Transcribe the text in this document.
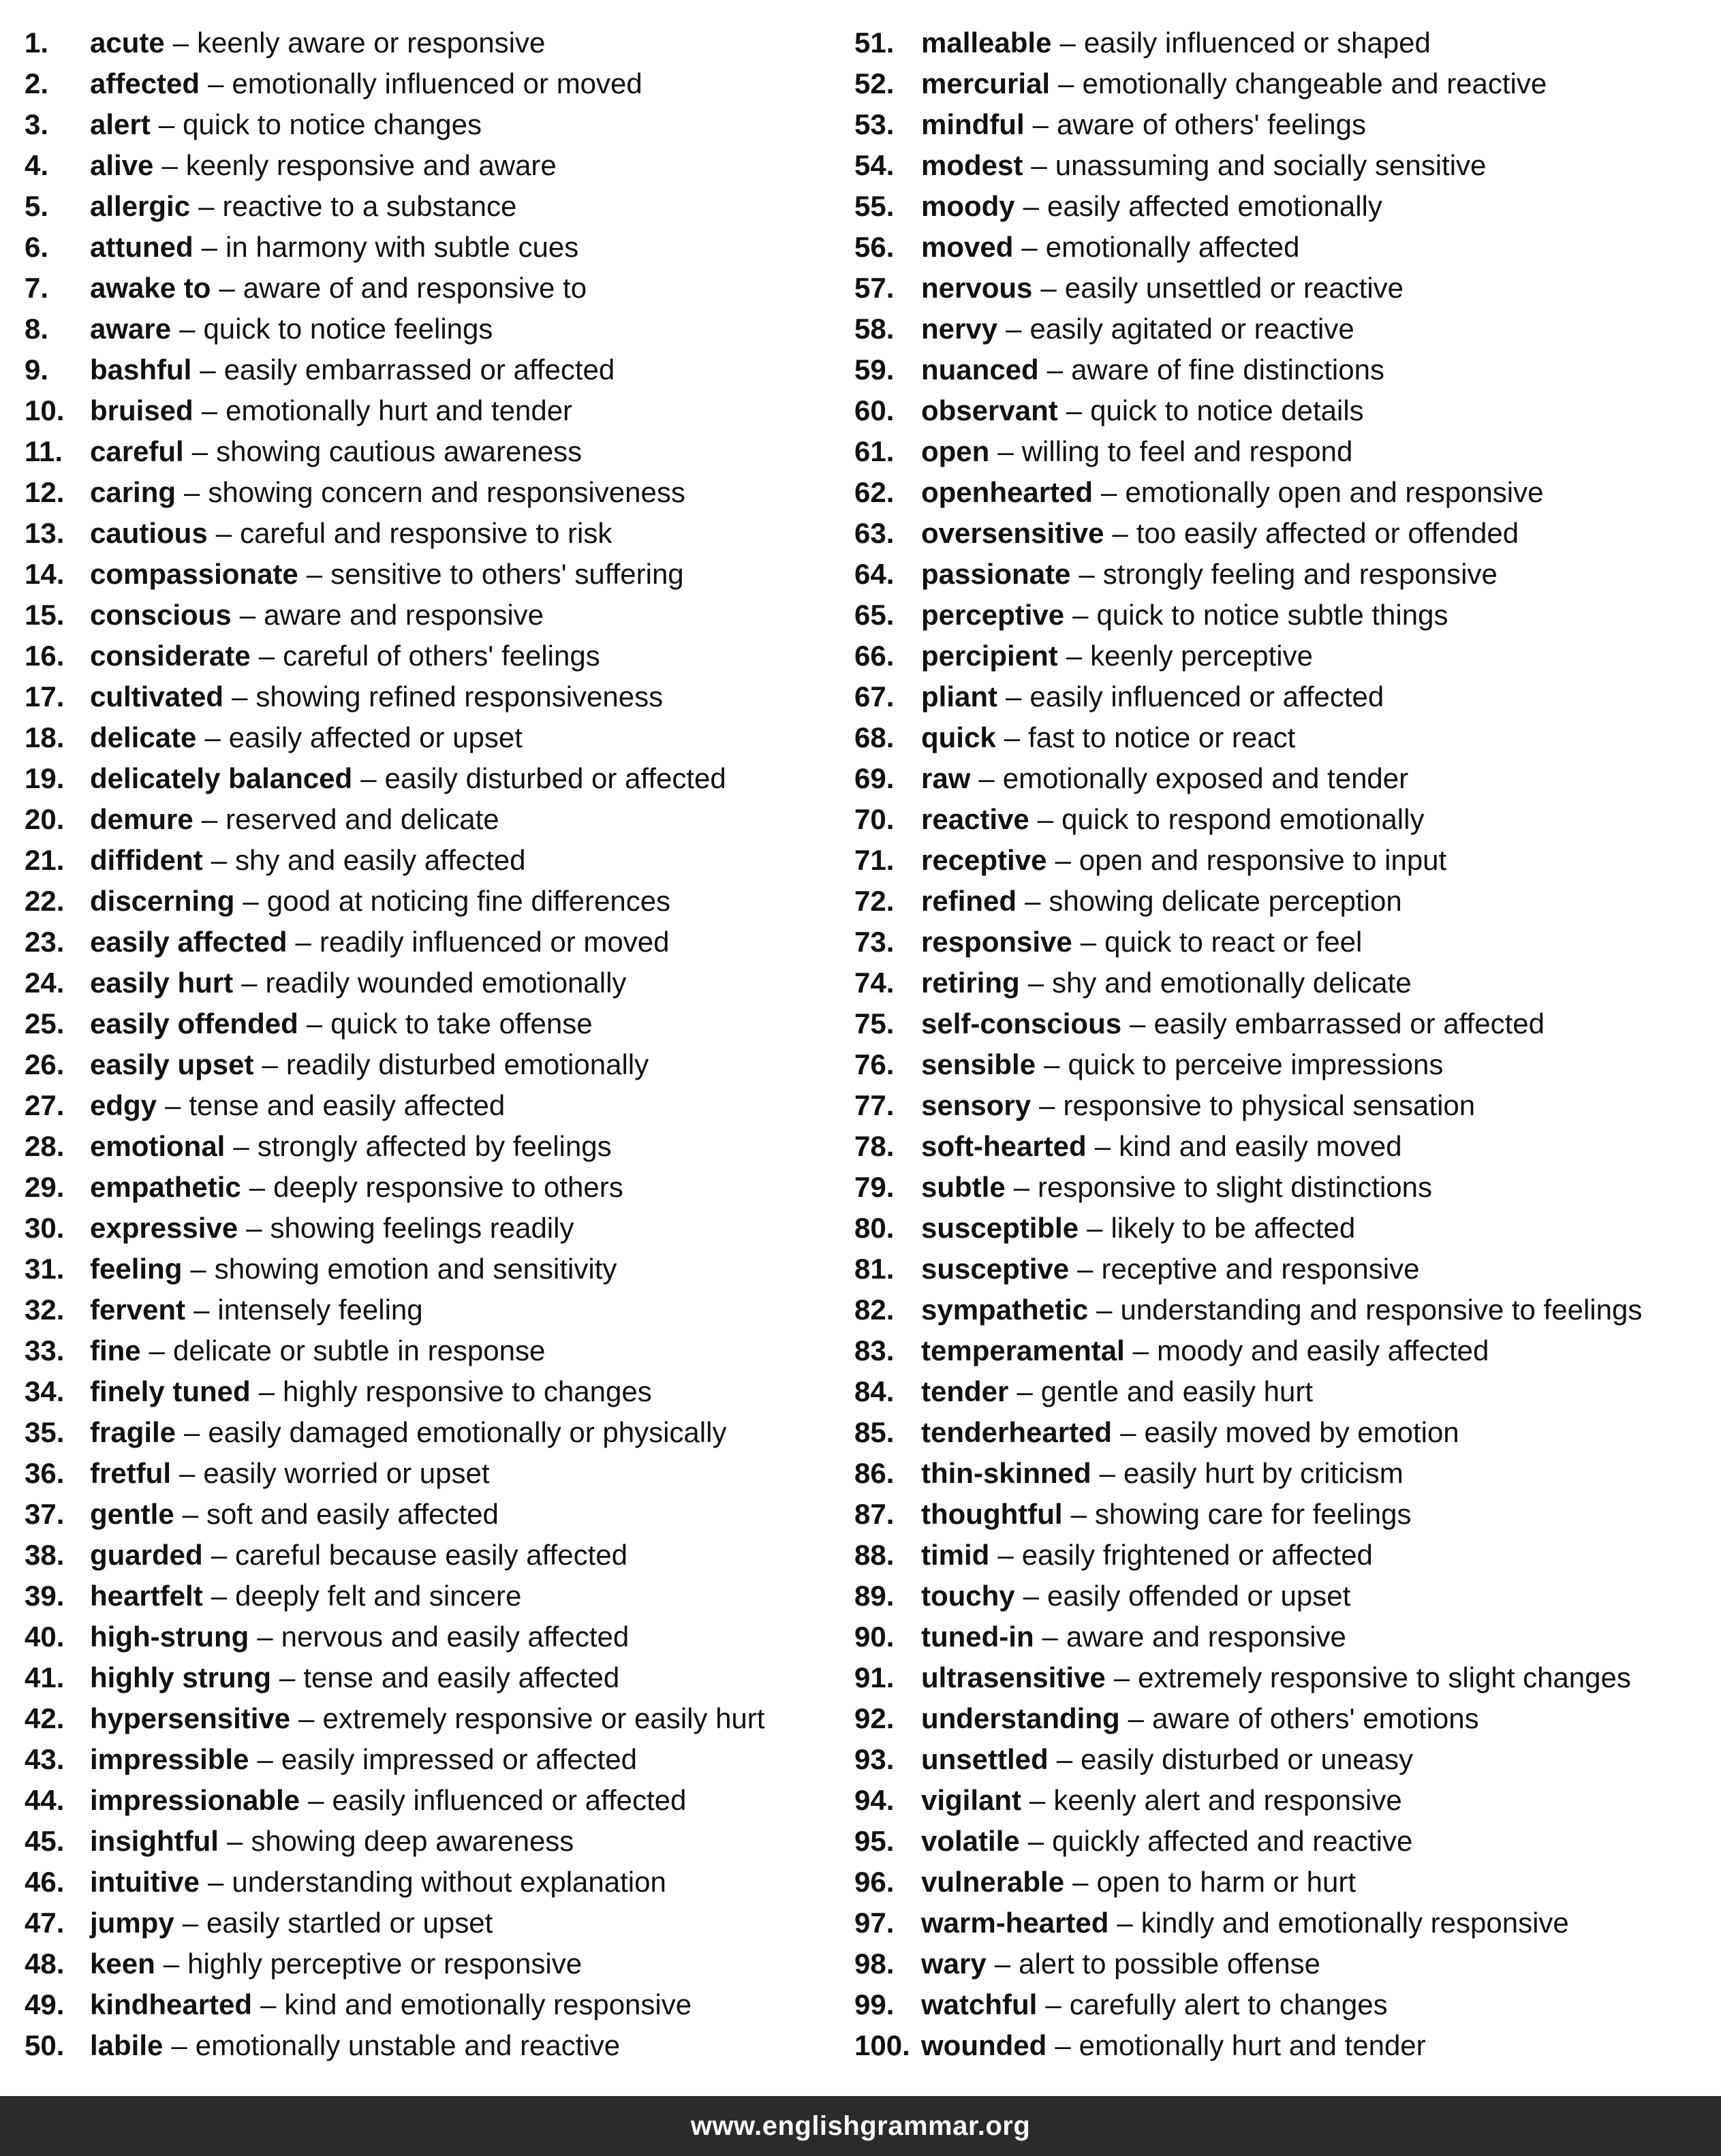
1.	acute – keenly aware or responsive
2.	affected – emotionally influenced or moved
3.	alert – quick to notice changes
4.	alive – keenly responsive and aware
5.	allergic – reactive to a substance
6.	attuned – in harmony with subtle cues
7.	awake to – aware of and responsive to
8.	aware – quick to notice feelings
9.	bashful – easily embarrassed or affected
10. bruised – emotionally hurt and tender
11. careful – showing cautious awareness
12. caring – showing concern and responsiveness
13. cautious – careful and responsive to risk
14. compassionate – sensitive to others' suffering
15. conscious – aware and responsive
16. considerate – careful of others' feelings
17. cultivated – showing refined responsiveness
18. delicate – easily affected or upset
19. delicately balanced – easily disturbed or affected
20. demure – reserved and delicate
21. diffident – shy and easily affected
22. discerning – good at noticing fine differences
23. easily affected – readily influenced or moved
24. easily hurt – readily wounded emotionally
25. easily offended – quick to take offense
26. easily upset – readily disturbed emotionally
27. edgy – tense and easily affected
28. emotional – strongly affected by feelings
29. empathetic – deeply responsive to others
30. expressive – showing feelings readily
31. feeling – showing emotion and sensitivity
32. fervent – intensely feeling
33. fine – delicate or subtle in response
34. finely tuned – highly responsive to changes
35. fragile – easily damaged emotionally or physically
36. fretful – easily worried or upset
37. gentle – soft and easily affected
38. guarded – careful because easily affected
39. heartfelt – deeply felt and sincere
40. high-strung – nervous and easily affected
41. highly strung – tense and easily affected
42. hypersensitive – extremely responsive or easily hurt
43. impressible – easily impressed or affected
44. impressionable – easily influenced or affected
45. insightful – showing deep awareness
46. intuitive – understanding without explanation
47. jumpy – easily startled or upset
48. keen – highly perceptive or responsive
49. kindhearted – kind and emotionally responsive
50. labile – emotionally unstable and reactive
51. malleable – easily influenced or shaped
52. mercurial – emotionally changeable and reactive
53. mindful – aware of others' feelings
54. modest – unassuming and socially sensitive
55. moody – easily affected emotionally
56. moved – emotionally affected
57. nervous – easily unsettled or reactive
58. nervy – easily agitated or reactive
59. nuanced – aware of fine distinctions
60. observant – quick to notice details
61. open – willing to feel and respond
62. openhearted – emotionally open and responsive
63. oversensitive – too easily affected or offended
64. passionate – strongly feeling and responsive
65. perceptive – quick to notice subtle things
66. percipient – keenly perceptive
67. pliant – easily influenced or affected
68. quick – fast to notice or react
69. raw – emotionally exposed and tender
70. reactive – quick to respond emotionally
71. receptive – open and responsive to input
72. refined – showing delicate perception
73. responsive – quick to react or feel
74. retiring – shy and emotionally delicate
75. self-conscious – easily embarrassed or affected
76. sensible – quick to perceive impressions
77. sensory – responsive to physical sensation
78. soft-hearted – kind and easily moved
79. subtle – responsive to slight distinctions
80. susceptible – likely to be affected
81. susceptive – receptive and responsive
82. sympathetic – understanding and responsive to feelings
83. temperamental – moody and easily affected
84. tender – gentle and easily hurt
85. tenderhearted – easily moved by emotion
86. thin-skinned – easily hurt by criticism
87. thoughtful – showing care for feelings
88. timid – easily frightened or affected
89. touchy – easily offended or upset
90. tuned-in – aware and responsive
91. ultrasensitive – extremely responsive to slight changes
92. understanding – aware of others' emotions
93. unsettled – easily disturbed or uneasy
94. vigilant – keenly alert and responsive
95. volatile – quickly affected and reactive
96. vulnerable – open to harm or hurt
97. warm-hearted – kindly and emotionally responsive
98. wary – alert to possible offense
99. watchful – carefully alert to changes
100. wounded – emotionally hurt and tender
www.englishgrammar.org
